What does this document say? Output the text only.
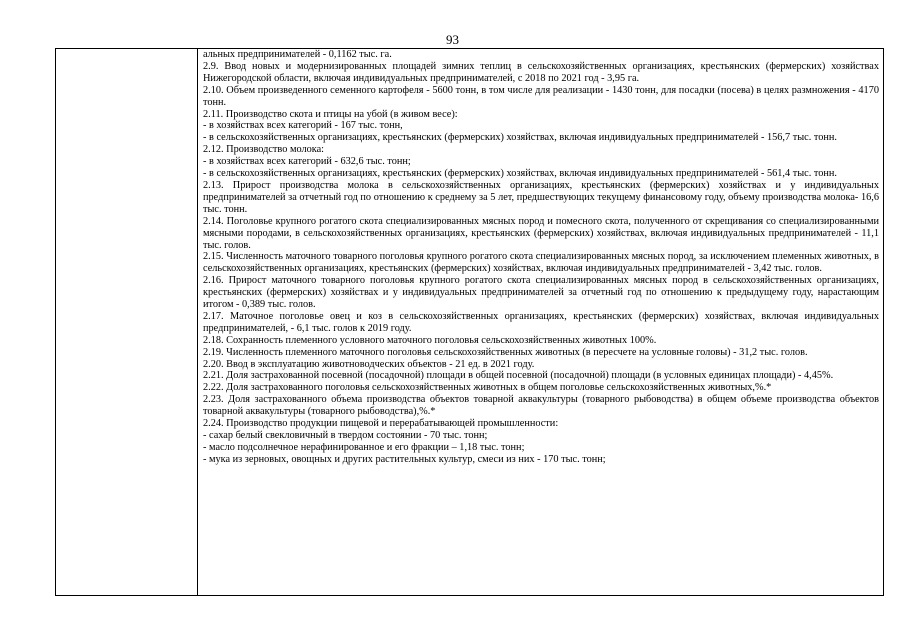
93

альных предпринимателей - 0,1162 тыс. га.

2.9. Ввод новых и модернизированных площадей зимних теплиц в сельскохозяйственных организациях, крестьянских (фермерских) хозяйствах Нижегородской области, включая индивидуальных предпринимателей, с 2018 по 2021 год - 3,95 га.

2.10. Объем произведенного семенного картофеля - 5600 тонн, в том числе для реализации - 1430 тонн, для посадки (посева) в целях размножения - 4170 тонн.

2.11. Производство скота и птицы на убой (в живом весе):

- в хозяйствах всех категорий - 167 тыс. тонн,

- в сельскохозяйственных организациях, крестьянских (фермерских) хозяйствах, включая индивидуальных предпринимателей - 156,7 тыс. тонн.

2.12. Производство молока:

- в хозяйствах всех категорий - 632,6 тыс. тонн;

- в сельскохозяйственных организациях, крестьянских (фермерских) хозяйствах, включая индивидуальных предпринимателей - 561,4 тыс. тонн.

2.13. Прирост производства молока в сельскохозяйственных организациях, крестьянских (фермерских) хозяйствах и у индивидуальных предпринимателей за отчетный год по отношению к среднему за 5 лет, предшествующих текущему финансовому году, объему производства молока- 16,6 тыс. тонн.

2.14. Поголовье крупного рогатого скота специализированных мясных пород и помесного скота, полученного от скрещивания со специализированными мясными породами, в сельскохозяйственных организациях, крестьянских (фермерских) хозяйствах, включая индивидуальных предпринимателей - 11,1 тыс. голов.

2.15. Численность маточного товарного поголовья крупного рогатого скота специализированных мясных пород, за исключением племенных животных, в сельскохозяйственных организациях, крестьянских (фермерских) хозяйствах, включая индивидуальных предпринимателей - 3,42 тыс. голов.

2.16. Прирост маточного товарного поголовья крупного рогатого скота специализированных мясных пород в сельскохозяйственных организациях, крестьянских (фермерских) хозяйствах и у индивидуальных предпринимателей за отчетный год по отношению к предыдущему году, нарастающим итогом - 0,389 тыс. голов.

2.17. Маточное поголовье овец и коз в сельскохозяйственных организациях, крестьянских (фермерских) хозяйствах, включая индивидуальных предпринимателей, - 6,1 тыс. голов к 2019 году.

2.18. Сохранность племенного условного маточного поголовья сельскохозяйственных животных 100%.

2.19. Численность племенного маточного поголовья сельскохозяйственных животных (в пересчете на условные головы) - 31,2 тыс. голов.

2.20. Ввод в эксплуатацию животноводческих объектов - 21 ед. в 2021 году.

2.21. Доля застрахованной посевной (посадочной) площади в общей посевной (посадочной) площади (в условных единицах площади) - 4,45%.

2.22. Доля застрахованного поголовья сельскохозяйственных животных в общем поголовье сельскохозяйственных животных,%.*

2.23. Доля застрахованного объема производства объектов товарной аквакультуры (товарного рыбоводства) в общем объеме производства объектов товарной аквакультуры (товарного рыбоводства),%.*

2.24. Производство продукции пищевой и перерабатывающей промышленности:

- сахар белый свекловичный в твердом состоянии - 70 тыс. тонн;

- масло подсолнечное нерафинированное и его фракции – 1,18 тыс. тонн;

- мука из зерновых, овощных и других растительных культур, смеси из них - 170 тыс. тонн;
